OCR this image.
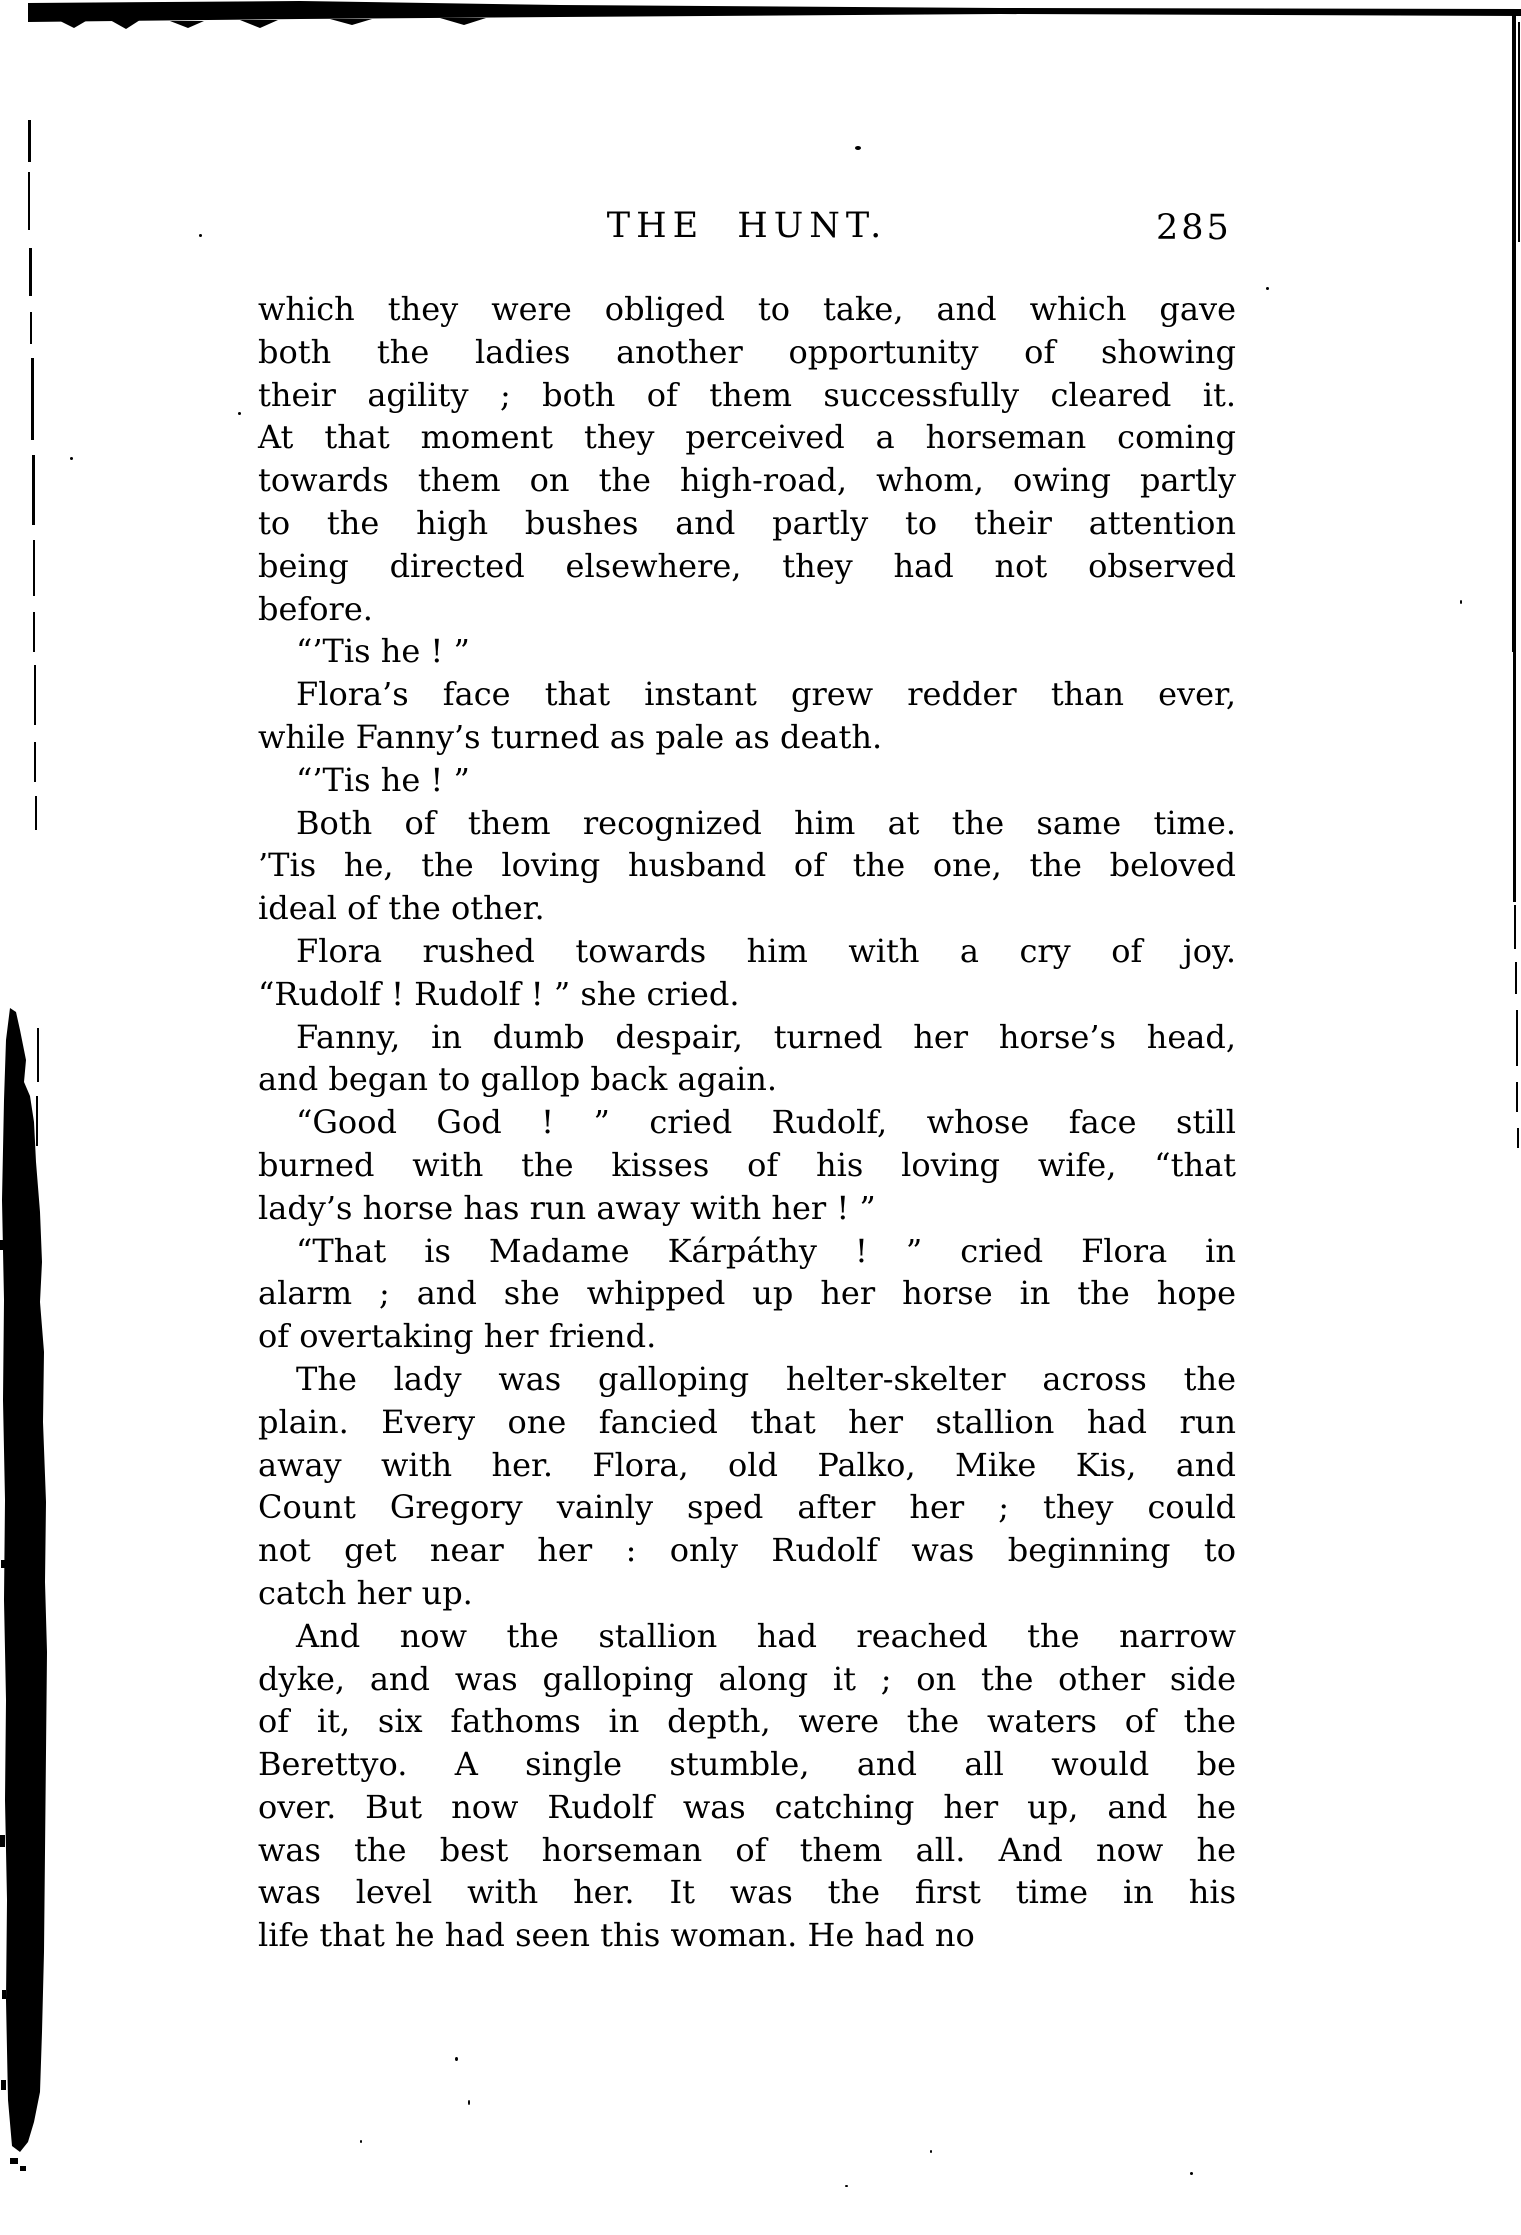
THE HUNT.	285
which they were obliged to take, and which gave
both the ladies another opportunity of showing
their agility ; both of them successfully cleared it.
At that moment they perceived a horseman coming
towards them on the high-road, whom, owing partly
to the high bushes and partly to their attention
being directed elsewhere, they had not observed
before.
“’Tis he ! ”
Flora’s face that instant grew redder than ever,
while Fanny’s turned as pale as death.
“’Tis he ! ”
Both of them recognized him at the same time.
’Tis he, the loving husband of the one, the beloved
ideal of the other.
Flora rushed towards him with a cry of joy.
“Rudolf ! Rudolf ! ” she cried.
Fanny, in dumb despair, turned her horse’s head,
and began to gallop back again.
“Good God ! ” cried Rudolf, whose face still
burned with the kisses of his loving wife, “that
lady’s horse has run away with her ! ”
“That is Madame Kárpáthy ! ” cried Flora in
alarm ; and she whipped up her horse in the hope
of overtaking her friend.
The lady was galloping helter-skelter across the
plain. Every one fancied that her stallion had run
away with her. Flora, old Palko, Mike Kis, and
Count Gregory vainly sped after her ; they could
not get near her : only Rudolf was beginning to
catch her up.
And now the stallion had reached the narrow
dyke, and was galloping along it ; on the other side
of it, six fathoms in depth, were the waters of the
Berettyo. A single stumble, and all would be
over. But now Rudolf was catching her up, and he
was the best horseman of them all. And now he
was level with her. It was the first time in his
life that he had seen this woman. He had no
